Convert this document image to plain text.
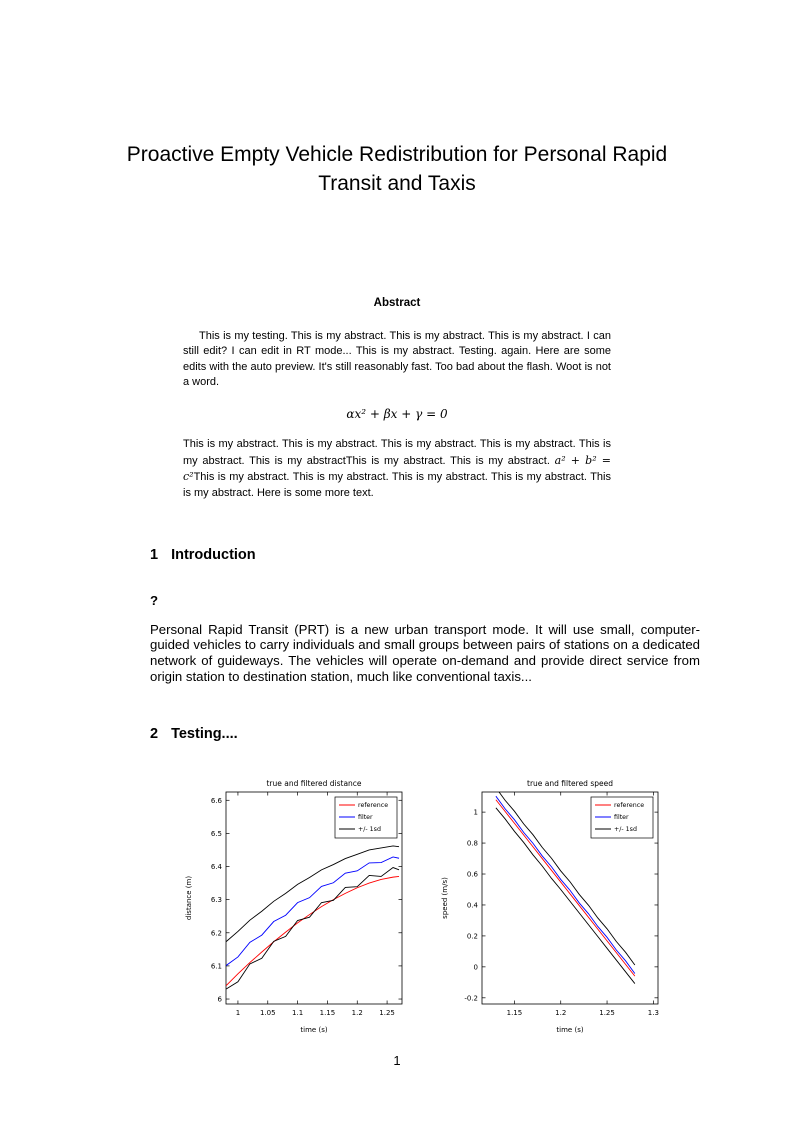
Proactive Empty Vehicle Redistribution for Personal Rapid Transit and Taxis
Abstract

This is my testing. This is my abstract. This is my abstract. This is my abstract. I can still edit? I can edit in RT mode... This is my abstract. Testing. again. Here are some edits with the auto preview. It's still reasonably fast. Too bad about the flash. Woot is not a word.

αx² + βx + γ = 0

This is my abstract. This is my abstract. This is my abstract. This is my abstract. This is my abstract. This is my abstractThis is my abstract. This is my abstract. a² + b² = c²This is my abstract. This is my abstract. This is my abstract. This is my abstract. This is my abstract. Here is some more text.

1 Introduction

?

Personal Rapid Transit (PRT) is a new urban transport mode. It will use small, computer-guided vehicles to carry individuals and small groups between pairs of stations on a dedicated network of guideways. The vehicles will operate on-demand and provide direct service from origin station to destination station, much like conventional taxis...

2 Testing....
1	1.05 1.1 1.15 1.2 1.25
6
6.1
6.2
6.3
6.4
6.5
6.6
true and filtered distance
time (s)
distance (m)
reference
filter
+/- 1sd
1.15	1.2	1.25	1.3
-0.2
0
0.2
0.4
0.6
0.8
1
true and filtered speed
time (s)
speed (m/s)
reference
filter
+/- 1sd
1
